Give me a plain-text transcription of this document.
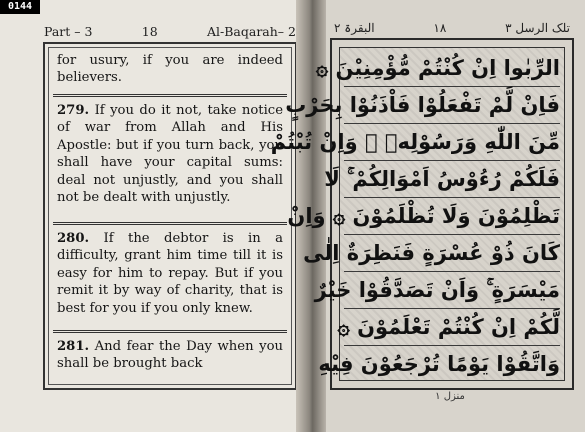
0144
Part – 3	18	Al-Baqarah– 2
for usury, if you are indeed believers.
279. If you do it not, take notice of war from Allah and His Apostle: but if you turn back, you shall have your capital sums: deal not unjustly, and you shall not be dealt with unjustly.
280. If the debtor is in a difficulty, grant him time till it is easy for him to repay. But if you remit it by way of charity, that is best for you if you only knew.
281. And fear the Day when you shall be brought back
البقرۃ ۲	١٨	تلک الرسل ۳
الرِّبٰوا اِنْ كُنْتُمْ مُّؤْمِنِيْنَ ۞
فَاِنْ لَّمْ تَفْعَلُوْا فَاْذَنُوْا بِحَرْبٍ
مِّنَ اللّٰهِ وَرَسُوْلِهٖ ۚ وَاِنْ تُبْتُمْ
فَلَكُمْ رُءُوْسُ اَمْوَالِكُمْ ۚ لَا
تَظْلِمُوْنَ وَلَا تُظْلَمُوْنَ ۞ وَاِنْ
كَانَ ذُوْ عُسْرَةٍ فَنَظِرَةٌ اِلٰى
مَيْسَرَةٍ ۚ وَاَنْ تَصَدَّقُوْا خَيْرٌ
لَّكُمْ اِنْ كُنْتُمْ تَعْلَمُوْنَ ۞
وَاتَّقُوْا يَوْمًا تُرْجَعُوْنَ فِيْهِ
منزل ۱
